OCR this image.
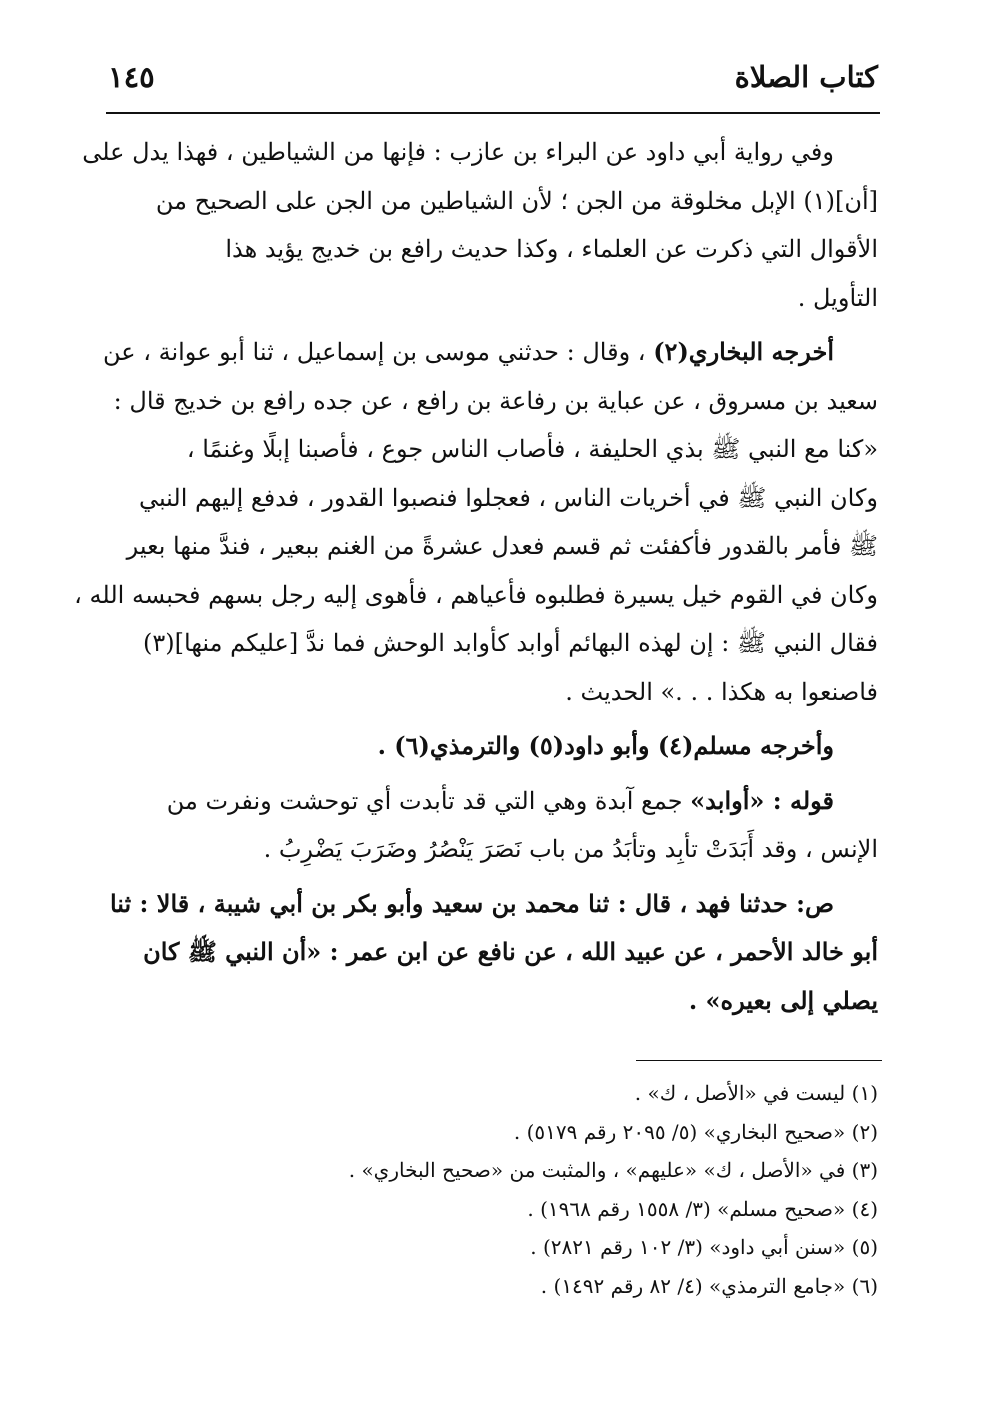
كتاب الصلاة
١٤٥
وفي رواية أبي داود عن البراء بن عازب : فإنها من الشياطين ، فهذا يدل على
[أن](١) الإبل مخلوقة من الجن ؛ لأن الشياطين من الجن على الصحيح من
الأقوال التي ذكرت عن العلماء ، وكذا حديث رافع بن خديج يؤيد هذا
التأويل .
أخرجه البخاري(٢) ، وقال : حدثني موسى بن إسماعيل ، ثنا أبو عوانة ، عن
سعيد بن مسروق ، عن عباية بن رفاعة بن رافع ، عن جده رافع بن خديج قال :
«كنا مع النبي ﷺ بذي الحليفة ، فأصاب الناس جوع ، فأصبنا إبلًا وغنمًا ،
وكان النبي ﷺ في أخريات الناس ، فعجلوا فنصبوا القدور ، فدفع إليهم النبي
ﷺ فأمر بالقدور فأكفئت ثم قسم فعدل عشرةً من الغنم ببعير ، فندَّ منها بعير
وكان في القوم خيل يسيرة فطلبوه فأعياهم ، فأهوى إليه رجل بسهم فحبسه الله ،
فقال النبي ﷺ : إن لهذه البهائم أوابد كأوابد الوحش فما ندَّ [عليكم منها](٣)
فاصنعوا به هكذا . . .» الحديث .
وأخرجه مسلم(٤) وأبو داود(٥) والترمذي(٦) .
قوله : «أوابد» جمع آبدة وهي التي قد تأبدت أي توحشت ونفرت من
الإنس ، وقد أَبَدَتْ تأبِد وتأبَدُ من باب نَصَرَ يَنْصُرُ وضَرَبَ يَضْرِبُ .
ص: حدثنا فهد ، قال : ثنا محمد بن سعيد وأبو بكر بن أبي شيبة ، قالا : ثنا
أبو خالد الأحمر ، عن عبيد الله ، عن نافع عن ابن عمر : «أن النبي ﷺ كان
يصلي إلى بعيره» .
(١) ليست في «الأصل ، ك» .
(٢) «صحيح البخاري» (٥/ ٢٠٩٥ رقم ٥١٧٩) .
(٣) في «الأصل ، ك» «عليهم» ، والمثبت من «صحيح البخاري» .
(٤) «صحيح مسلم» (٣/ ١٥٥٨ رقم ١٩٦٨) .
(٥) «سنن أبي داود» (٣/ ١٠٢ رقم ٢٨٢١) .
(٦) «جامع الترمذي» (٤/ ٨٢ رقم ١٤٩٢) .
